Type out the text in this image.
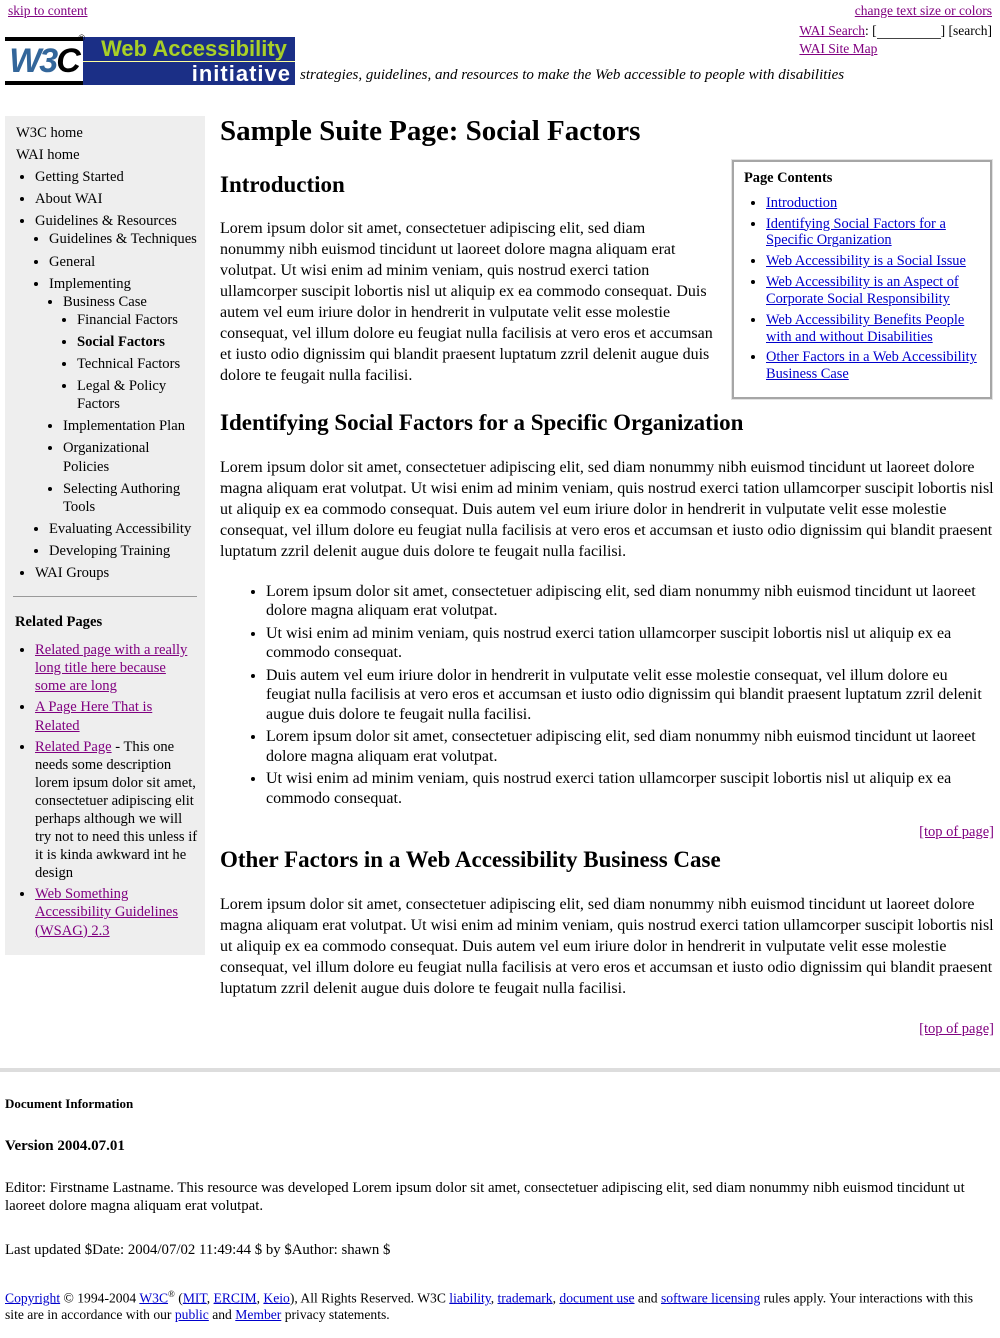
skip to content	change text size or colors
WAI Search: [	] [search]
WAI Site Map
W3 C
® Web Accessibility
initiative strategies, guidelines, and resources to make the Web accessible to people with disabilities
W3C home
WAI home
• Getting Started
• About WAI
• Guidelines & Resources
• Guidelines & Techniques
• General
• Implementing
• Business Case
• Financial Factors
• Social Factors
• Technical Factors
• Legal & Policy Factors
• Implementation Plan
• Organizational Policies
• Selecting Authoring Tools
• Evaluating Accessibility
• Developing Training
• WAI Groups
Related Pages
• Related page with a really long title here because some are long
• A Page Here That is Related
• Related Page - This one needs some description lorem ipsum dolor sit amet, consectetuer adipiscing elit perhaps although we will try not to need this unless if it is kinda awkward int he design
• Web Something Accessibility Guidelines (WSAG) 2.3
Sample Suite Page: Social Factors
Page Contents
• Introduction
• Identifying Social Factors for a Specific Organization
• Web Accessibility is a Social Issue
• Web Accessibility is an Aspect of Corporate Social Responsibility
• Web Accessibility Benefits People with and without Disabilities
• Other Factors in a Web Accessibility Business Case
Introduction

Lorem ipsum dolor sit amet, consectetuer adipiscing elit, sed diam nonummy nibh euismod tincidunt ut laoreet dolore magna aliquam erat volutpat. Ut wisi enim ad minim veniam, quis nostrud exerci tation ullamcorper suscipit lobortis nisl ut aliquip ex ea commodo consequat. Duis autem vel eum iriure dolor in hendrerit in vulputate velit esse molestie consequat, vel illum dolore eu feugiat nulla facilisis at vero eros et accumsan et iusto odio dignissim qui blandit praesent luptatum zzril delenit augue duis dolore te feugait nulla facilisi.

Identifying Social Factors for a Specific Organization

Lorem ipsum dolor sit amet, consectetuer adipiscing elit, sed diam nonummy nibh euismod tincidunt ut laoreet dolore magna aliquam erat volutpat. Ut wisi enim ad minim veniam, quis nostrud exerci tation ullamcorper suscipit lobortis nisl ut aliquip ex ea commodo consequat. Duis autem vel eum iriure dolor in hendrerit in vulputate velit esse molestie consequat, vel illum dolore eu feugiat nulla facilisis at vero eros et accumsan et iusto odio dignissim qui blandit praesent luptatum zzril delenit augue duis dolore te feugait nulla facilisi.

• Lorem ipsum dolor sit amet, consectetuer adipiscing elit, sed diam nonummy nibh euismod tincidunt ut laoreet dolore magna aliquam erat volutpat.
• Ut wisi enim ad minim veniam, quis nostrud exerci tation ullamcorper suscipit lobortis nisl ut aliquip ex ea commodo consequat.
• Duis autem vel eum iriure dolor in hendrerit in vulputate velit esse molestie consequat, vel illum dolore eu feugiat nulla facilisis at vero eros et accumsan et iusto odio dignissim qui blandit praesent luptatum zzril delenit augue duis dolore te feugait nulla facilisi.
• Lorem ipsum dolor sit amet, consectetuer adipiscing elit, sed diam nonummy nibh euismod tincidunt ut laoreet dolore magna aliquam erat volutpat.
• Ut wisi enim ad minim veniam, quis nostrud exerci tation ullamcorper suscipit lobortis nisl ut aliquip ex ea commodo consequat.
[top of page]
Other Factors in a Web Accessibility Business Case

Lorem ipsum dolor sit amet, consectetuer adipiscing elit, sed diam nonummy nibh euismod tincidunt ut laoreet dolore magna aliquam erat volutpat. Ut wisi enim ad minim veniam, quis nostrud exerci tation ullamcorper suscipit lobortis nisl ut aliquip ex ea commodo consequat. Duis autem vel eum iriure dolor in hendrerit in vulputate velit esse molestie consequat, vel illum dolore eu feugiat nulla facilisis at vero eros et accumsan et iusto odio dignissim qui blandit praesent luptatum zzril delenit augue duis dolore te feugait nulla facilisi.

[top of page]
Document Information
Version 2004.07.01
Editor: Firstname Lastname. This resource was developed Lorem ipsum dolor sit amet, consectetuer adipiscing elit, sed diam nonummy nibh euismod tincidunt ut laoreet dolore magna aliquam erat volutpat.
Last updated $Date: 2004/07/02 11:49:44 $ by $Author: shawn $
Copyright © 1994-2004 W3C® (MIT, ERCIM, Keio), All Rights Reserved. W3C liability, trademark, document use and software licensing rules apply. Your interactions with this site are in accordance with our public and Member privacy statements.
